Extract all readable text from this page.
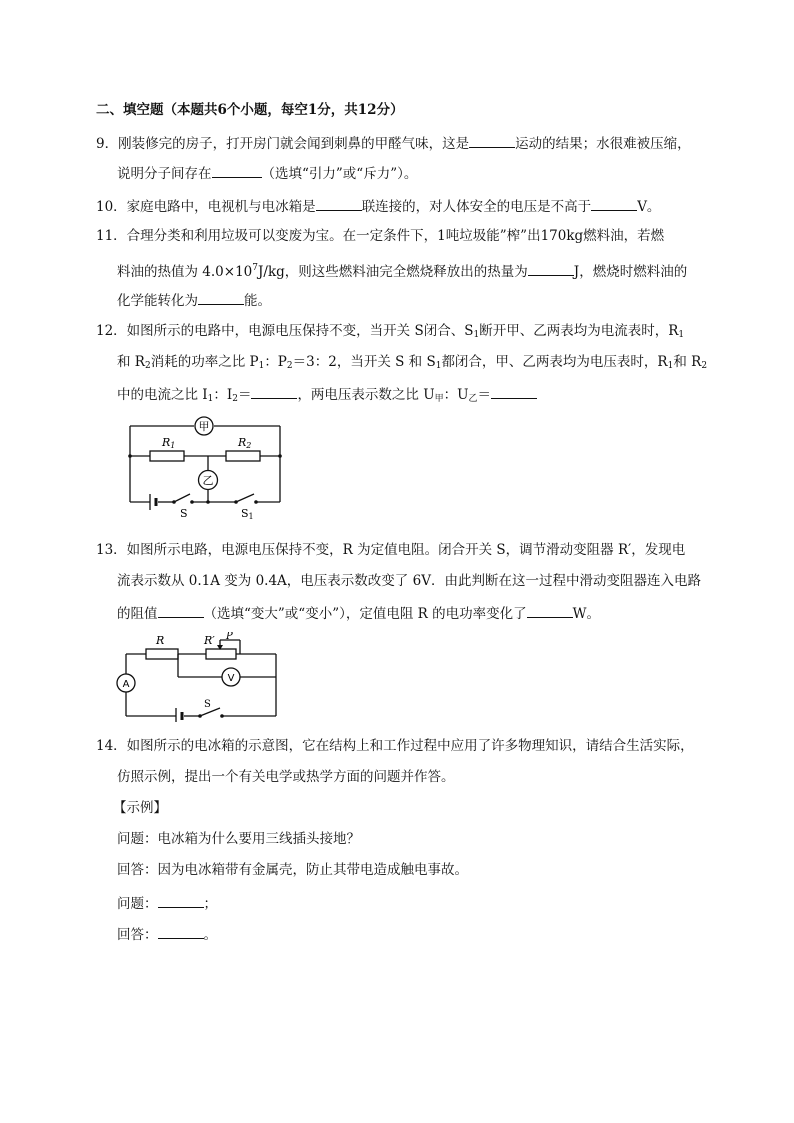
二、填空题（本题共6个小题，每空1分，共12分）
9．刚装修完的房子，打开房门就会闻到刺鼻的甲醛气味，这是	运动的结果；水很难被压缩，
说明分子间存在	（选填“引力”或“斥力”）。
10．家庭电路中，电视机与电冰箱是	联连接的，对人体安全的电压是不高于	V。
11．合理分类和利用垃圾可以变废为宝。在一定条件下，1吨垃圾能”榨”出170kg燃料油，若燃
料油的热值为 $4.0\times 10^7J/kg$，则这些燃料油完全燃烧释放出的热量为	J，燃烧时燃料油的
化学能转化为	能。
12．如图所示的电路中，电源电压保持不变，当开关 S闭合、$S_1$断开甲、乙两表均为电流表时，$R_1$
和 $R_2$消耗的功率之比 $P_1$：$P_2=3$：2，当开关 S 和 $S_1$都闭合，甲、乙两表均为电压表时，$R_1$和 $R_2$
中的电流之比 $I_1$：$I_2=$	，两电压表示数之比 $U_甲$：$U_乙=$
甲
乙
R1	R2
S	S1
13．如图所示电路，电源电压保持不变，R 为定值电阻。闭合开关 S，调节滑动变阻器 R′，发现电
流表示数从 0.1A 变为 0.4A，电压表示数改变了 6V．由此判断在这一过程中滑动变阻器连入电路
的阻值	（选填“变大”或“变小”），定值电阻 R 的电功率变化了	W。
A
V
R	R′ P
S
14．如图所示的电冰箱的示意图，它在结构上和工作过程中应用了许多物理知识，请结合生活实际，
仿照示例，提出一个有关电学或热学方面的问题并作答。
【示例】
问题：电冰箱为什么要用三线插头接地？
回答：因为电冰箱带有金属壳，防止其带电造成触电事故。
问题：	；
回答：	。
